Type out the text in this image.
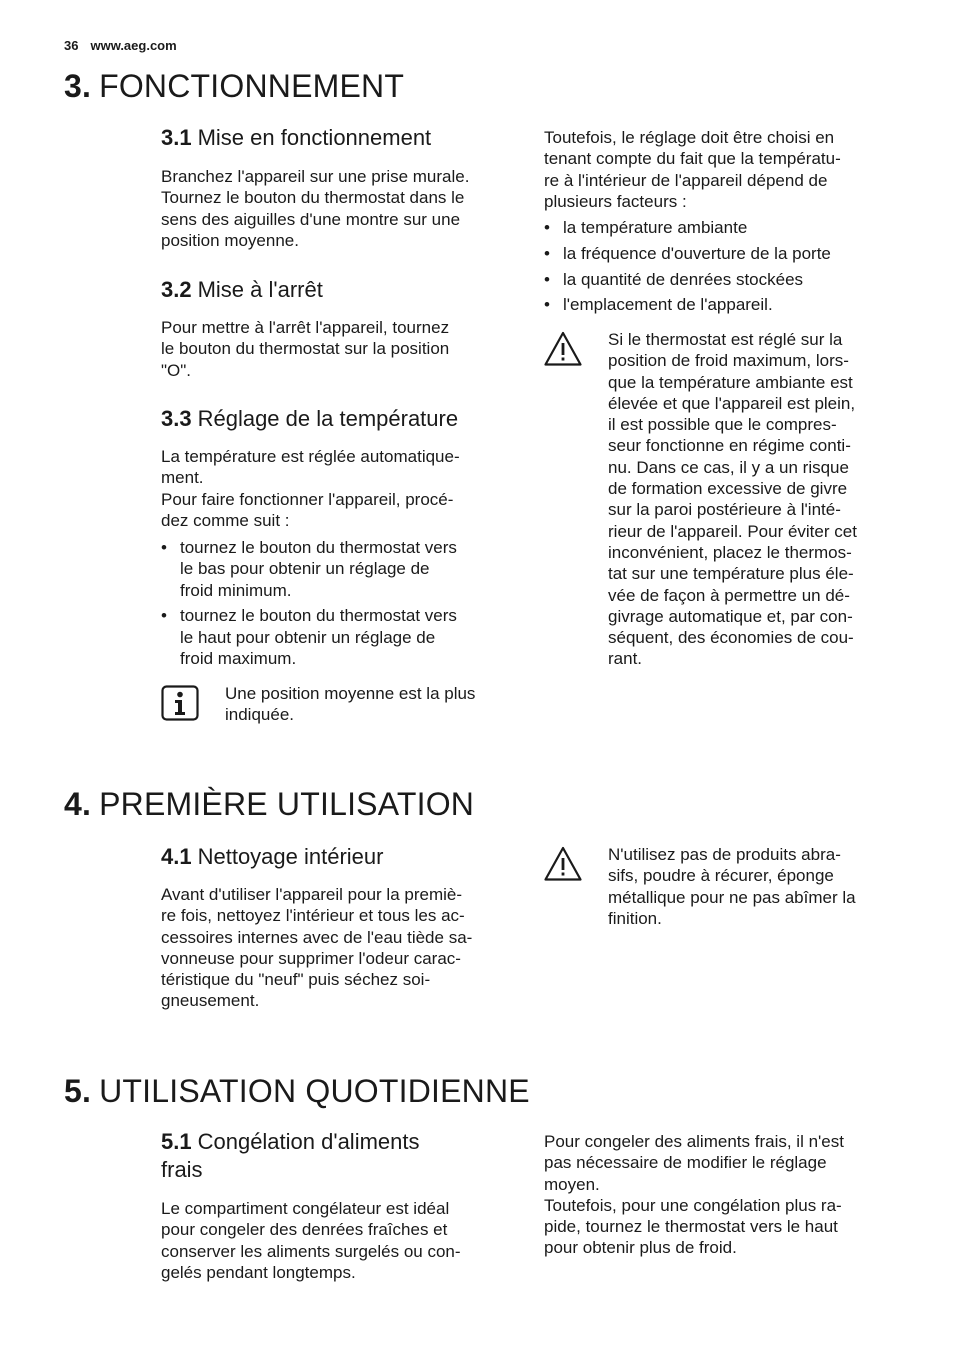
36 www.aeg.com
3. FONCTIONNEMENT
3.1 Mise en fonctionnement
Branchez l'appareil sur une prise murale.
Tournez le bouton du thermostat dans le
sens des aiguilles d'une montre sur une
position moyenne.
3.2 Mise à l'arrêt
Pour mettre à l'arrêt l'appareil, tournez
le bouton du thermostat sur la position
"O".
3.3 Réglage de la température
La température est réglée automatique-
ment.
Pour faire fonctionner l'appareil, procé-
dez comme suit :
• tournez le bouton du thermostat vers
le bas pour obtenir un réglage de
froid minimum.
• tournez le bouton du thermostat vers
le haut pour obtenir un réglage de
froid maximum.
Une position moyenne est la plus
indiquée.
Toutefois, le réglage doit être choisi en
tenant compte du fait que la températu-
re à l'intérieur de l'appareil dépend de
plusieurs facteurs :
• la température ambiante
• la fréquence d'ouverture de la porte
• la quantité de denrées stockées
• l'emplacement de l'appareil.
Si le thermostat est réglé sur la
position de froid maximum, lors-
que la température ambiante est
élevée et que l'appareil est plein,
il est possible que le compres-
seur fonctionne en régime conti-
nu. Dans ce cas, il y a un risque
de formation excessive de givre
sur la paroi postérieure à l'inté-
rieur de l'appareil. Pour éviter cet
inconvénient, placez le thermos-
tat sur une température plus éle-
vée de façon à permettre un dé-
givrage automatique et, par con-
séquent, des économies de cou-
rant.
4. PREMIÈRE UTILISATION
4.1 Nettoyage intérieur
Avant d'utiliser l'appareil pour la premiè-
re fois, nettoyez l'intérieur et tous les ac-
cessoires internes avec de l'eau tiède sa-
vonneuse pour supprimer l'odeur carac-
téristique du "neuf" puis séchez soi-
gneusement.
N'utilisez pas de produits abra-
sifs, poudre à récurer, éponge
métallique pour ne pas abîmer la
finition.
5. UTILISATION QUOTIDIENNE
5.1 Congélation d'aliments
frais
Le compartiment congélateur est idéal
pour congeler des denrées fraîches et
conserver les aliments surgelés ou con-
gelés pendant longtemps.
Pour congeler des aliments frais, il n'est
pas nécessaire de modifier le réglage
moyen.
Toutefois, pour une congélation plus ra-
pide, tournez le thermostat vers le haut
pour obtenir plus de froid.
